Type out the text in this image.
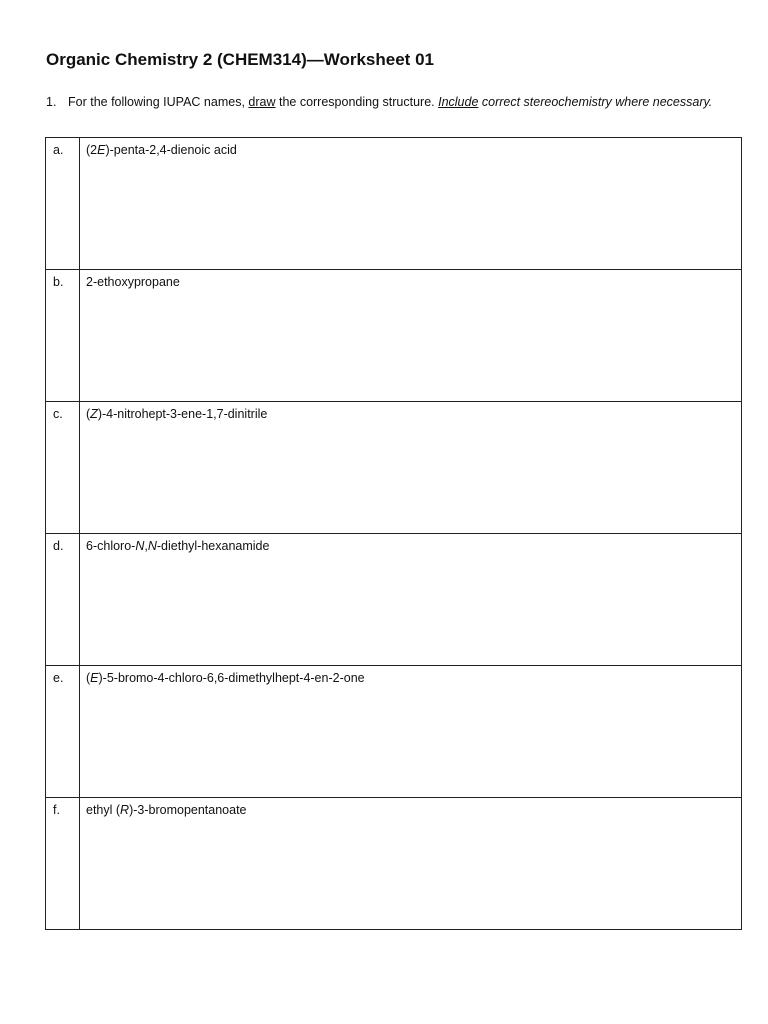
Organic Chemistry 2 (CHEM314)—Worksheet 01
1. For the following IUPAC names, draw the corresponding structure. Include correct stereochemistry where necessary.
a.	(2E)-penta-2,4-dienoic acid
b.	2-ethoxypropane
c.	(Z)-4-nitrohept-3-ene-1,7-dinitrile
d.	6-chloro-N,N-diethyl-hexanamide
e.	(E)-5-bromo-4-chloro-6,6-dimethylhept-4-en-2-one
f.	ethyl (R)-3-bromopentanoate
